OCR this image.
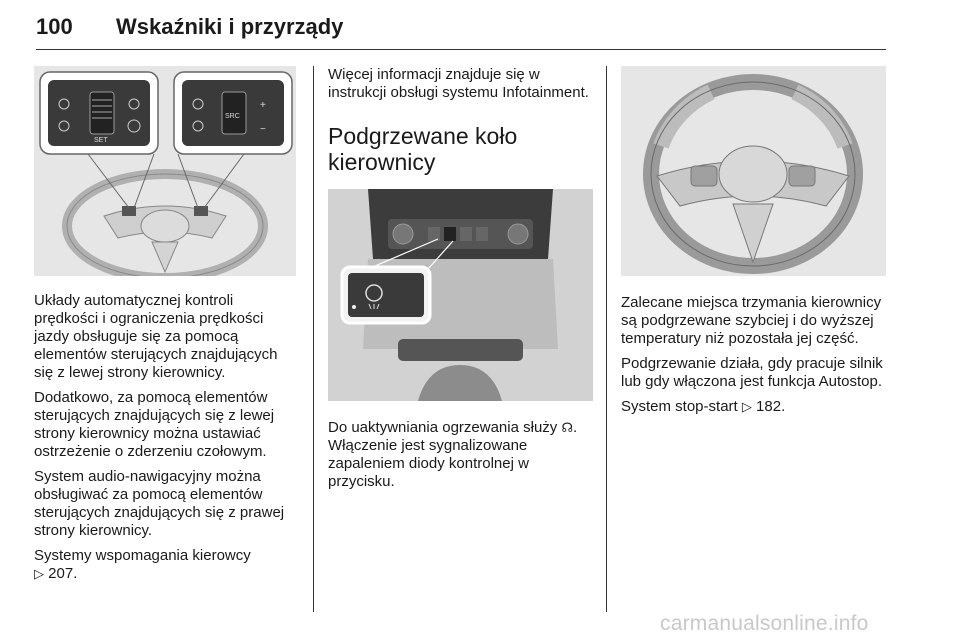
100 Wskaźniki i przyrządy
SET
SRC
+
−

Układy automatycznej kontroli prędkości i ograniczenia prędkości jazdy obsługuje się za pomocą elementów sterujących znajdujących się z lewej strony kierownicy.

Dodatkowo, za pomocą elementów sterujących znajdujących się z lewej strony kierownicy można ustawiać ostrzeżenie o zderzeniu czołowym.

System audio-nawigacyjny można obsługiwać za pomocą elementów sterujących znajdujących się z prawej strony kierownicy.

Systemy wspomagania kierowcy
▷ 207.

Więcej informacji znajduje się w instrukcji obsługi systemu Infotainment.

Podgrzewane koło kierownicy

Do uaktywniania ogrzewania służy ☊. Włączenie jest sygnalizowane zapaleniem diody kontrolnej w przycisku.

Zalecane miejsca trzymania kierownicy są podgrzewane szybciej i do wyższej temperatury niż pozostała jej część.

Podgrzewanie działa, gdy pracuje silnik lub gdy włączona jest funkcja Autostop.

System stop-start ▷ 182.

carmanualsonline.info
